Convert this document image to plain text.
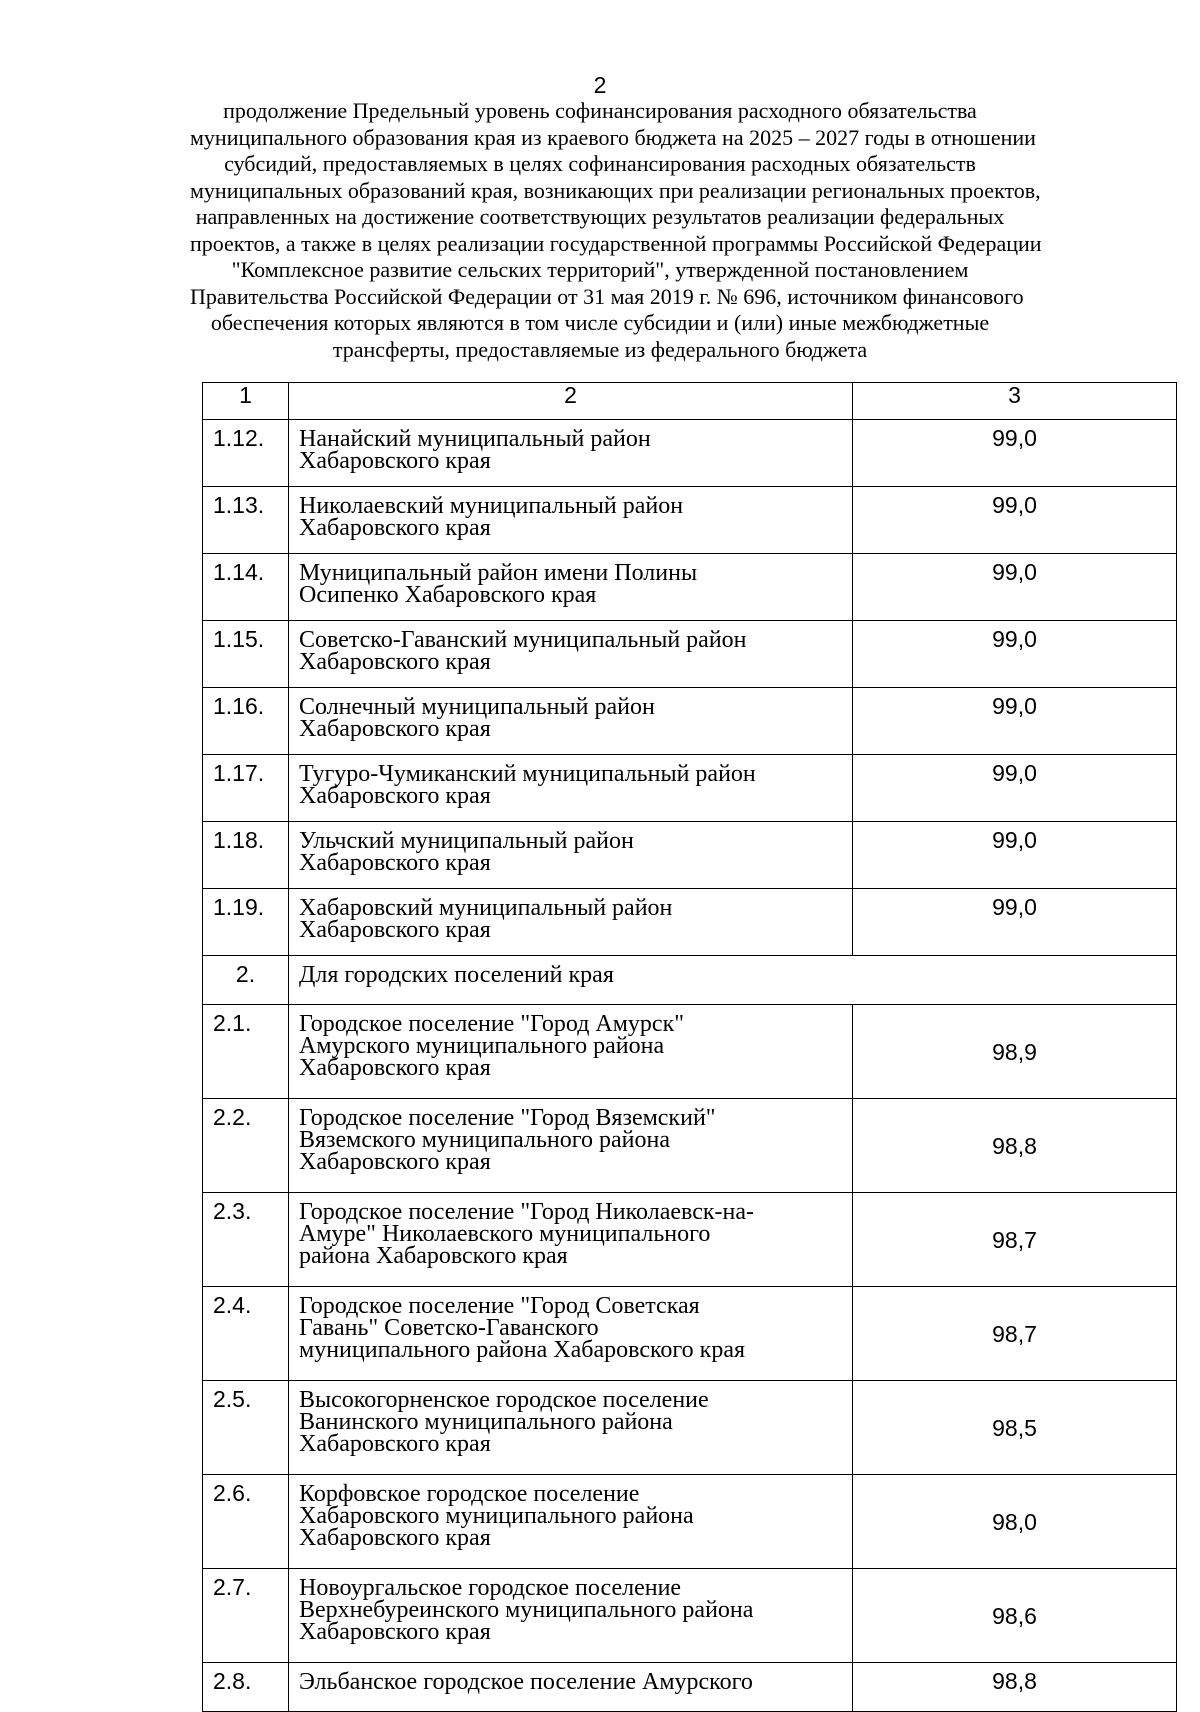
2
продолжение Предельный уровень софинансирования расходного обязательства
муниципального образования края из краевого бюджета на 2025 – 2027 годы в отношении
субсидий, предоставляемых в целях софинансирования расходных обязательств
муниципальных образований края, возникающих при реализации региональных проектов,
направленных на достижение соответствующих результатов реализации федеральных
проектов, а также в целях реализации государственной программы Российской Федерации
"Комплексное развитие сельских территорий", утвержденной постановлением
Правительства Российской Федерации от 31 мая 2019 г. № 696, источником финансового
обеспечения которых являются в том числе субсидии и (или) иные межбюджетные
трансферты, предоставляемые из федерального бюджета
1	2	3
1.12.	Нанайский муниципальный район
Хабаровского края	99,0
1.13.	Николаевский муниципальный район
Хабаровского края	99,0
1.14.	Муниципальный район имени Полины
Осипенко Хабаровского края	99,0
1.15.	Советско-Гаванский муниципальный район
Хабаровского края	99,0
1.16.	Солнечный муниципальный район
Хабаровского края	99,0
1.17.	Тугуро-Чумиканский муниципальный район
Хабаровского края	99,0
1.18.	Ульчский муниципальный район
Хабаровского края	99,0
1.19.	Хабаровский муниципальный район
Хабаровского края	99,0
2.	Для городских поселений края	

2.1.	Городское поселение "Город Амурск"
Амурского муниципального района
Хабаровского края	98,9
2.2.	Городское поселение "Город Вяземский"
Вяземского муниципального района
Хабаровского края	98,8
2.3.	Городское поселение "Город Николаевск-на-
Амуре" Николаевского муниципального
района Хабаровского края	98,7
2.4.	Городское поселение "Город Советская
Гавань" Советско-Гаванского
муниципального района Хабаровского края	98,7
2.5.	Высокогорненское городское поселение
Ванинского муниципального района
Хабаровского края	98,5
2.6.	Корфовское городское поселение
Хабаровского муниципального района
Хабаровского края	98,0
2.7.	Новоургальское городское поселение
Верхнебуреинского муниципального района
Хабаровского края	98,6
2.8.	Эльбанское городское поселение Амурского	98,8
